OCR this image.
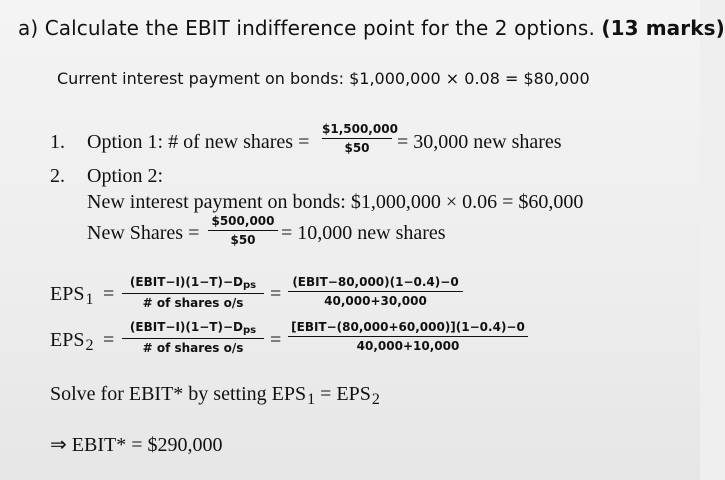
a) Calculate the EBIT indifference point for the 2 options. (13 marks)
Current interest payment on bonds: $1,000,000 × 0.08 = $80,000
1. Option 1: # of new shares =
$1,500,000
$50	= 30,000 new shares
2. Option 2:
New interest payment on bonds: $1,000,000 × 0.06 = $60,000
New Shares =
$500,000
$50	= 10,000 new shares
$EPS_1$ =
(EBIT−I)(1−T)−Dps
# of shares o/s	=
(EBIT−80,000)(1−0.4)−0
40,000+30,000
$EPS_2$ =
(EBIT−I)(1−T)−Dps
# of shares o/s	=
[EBIT−(80,000+60,000)](1−0.4)−0
40,000+10,000
Solve for EBIT* by setting $EPS_1 = EPS_2$
⇒ EBIT* = $290,000
